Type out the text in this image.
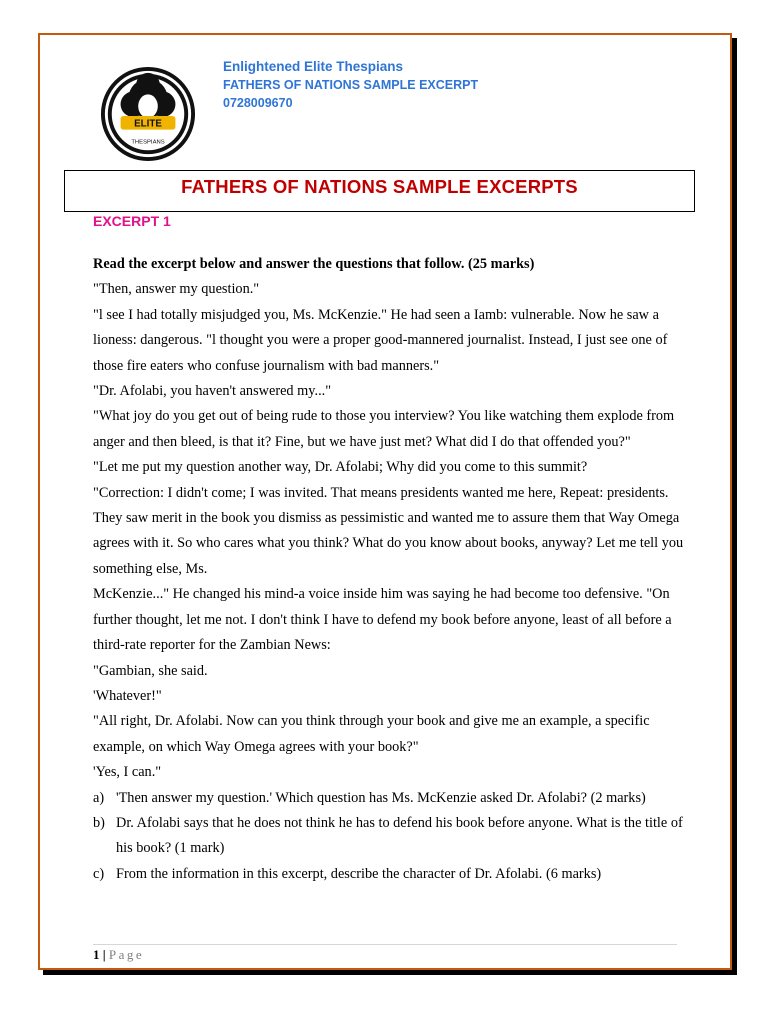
ELITE
THESPIANS
Enlightened Elite Thespians
FATHERS OF NATIONS SAMPLE EXCERPT
0728009670
FATHERS OF NATIONS SAMPLE EXCERPTS
EXCERPT 1
Read the excerpt below and answer the questions that follow. (25 marks)

"Then, answer my question."

"l see I had totally misjudged you, Ms. McKenzie." He had seen a Iamb: vulnerable. Now he saw a lioness: dangerous. "l thought you were a proper good-mannered journalist. Instead, I just see one of those fire eaters who confuse journalism with bad manners."

"Dr. Afolabi, you haven't answered my..."

"What joy do you get out of being rude to those you interview? You like watching them explode from anger and then bleed, is that it? Fine, but we have just met? What did I do that offended you?"

"Let me put my question another way, Dr. Afolabi; Why did you come to this summit?

"Correction: I didn't come; I was invited. That means presidents wanted me here, Repeat: presidents. They saw merit in the book you dismiss as pessimistic and wanted me to assure them that Way Omega agrees with it. So who cares what you think? What do you know about books, anyway? Let me tell you something else, Ms.

McKenzie..." He changed his mind-a voice inside him was saying he had become too defensive. "On further thought, let me not. I don't think I have to defend my book before anyone, least of all before a third-rate reporter for the Zambian News:

"Gambian, she said.

'Whatever!"

"All right, Dr. Afolabi. Now can you think through your book and give me an example, a specific example, on which Way Omega agrees with your book?"

'Yes, I can."

a) 'Then answer my question.' Which question has Ms. McKenzie asked Dr. Afolabi? (2 marks)
b) Dr. Afolabi says that he does not think he has to defend his book before anyone. What is the title of his book? (1 mark)
c) From the information in this excerpt, describe the character of Dr. Afolabi. (6 marks)
1 | Page
